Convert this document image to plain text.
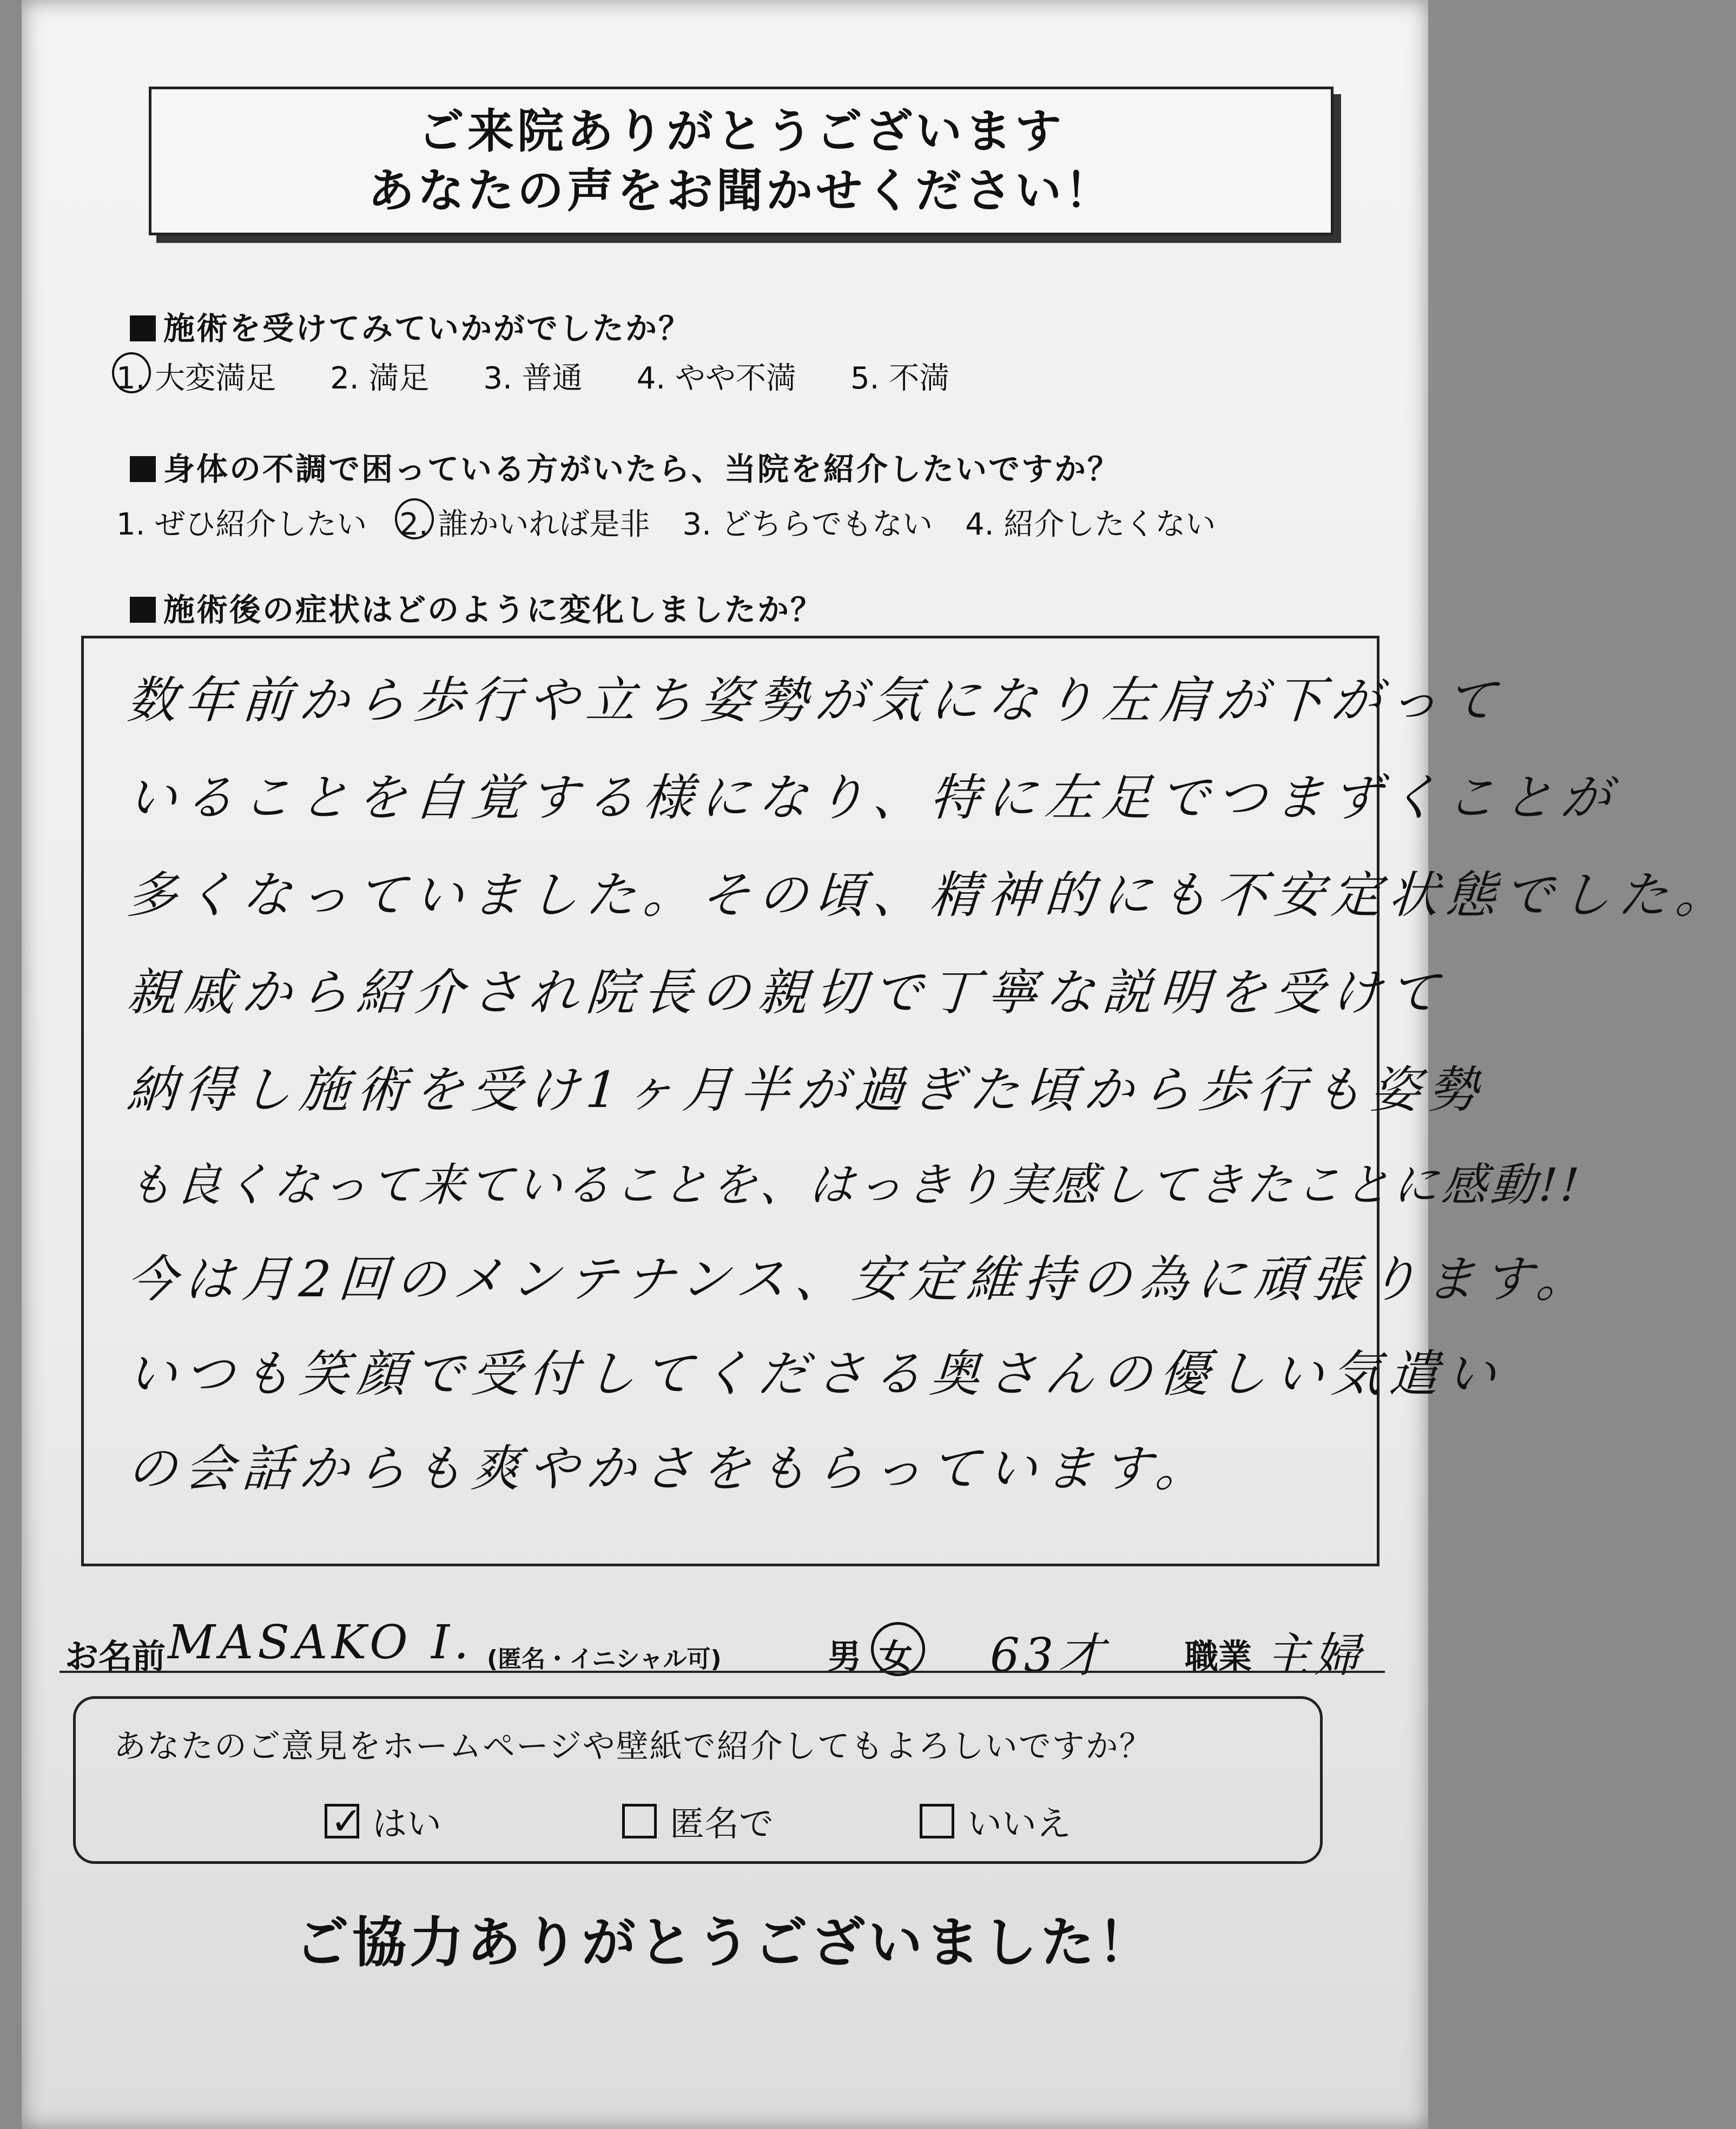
ご来院ありがとうございます
あなたの声をお聞かせください！
施術を受けてみていかがでしたか？
1. 大変満足 2. 満足 3. 普通 4. やや不満 5. 不満
身体の不調で困っている方がいたら、当院を紹介したいですか？
1. ぜひ紹介したい 2. 誰かいれば是非 3. どちらでもない 4. 紹介したくない
施術後の症状はどのように変化しましたか？
数年前から歩行や立ち姿勢が気になり左肩が下がって
いることを自覚する様になり、特に左足でつまずくことが
多くなっていました。その頃、精神的にも不安定状態でした。
親戚から紹介され院長の親切で丁寧な説明を受けて
納得し施術を受け1ヶ月半が過ぎた頃から歩行も姿勢
も良くなって来ていることを、はっきり実感してきたことに感動!!
今は月2回のメンテナンス、安定維持の為に頑張ります。
いつも笑顔で受付してくださる奥さんの優しい気遣い
の会話からも爽やかさをもらっています。
お名前 MASAKO I. (匿名・イニシャル可)	男 女 63才 職業 主婦
あなたのご意見をホームページや壁紙で紹介してもよろしいですか？
✓ はい	匿名で	いいえ
ご協力ありがとうございました！
